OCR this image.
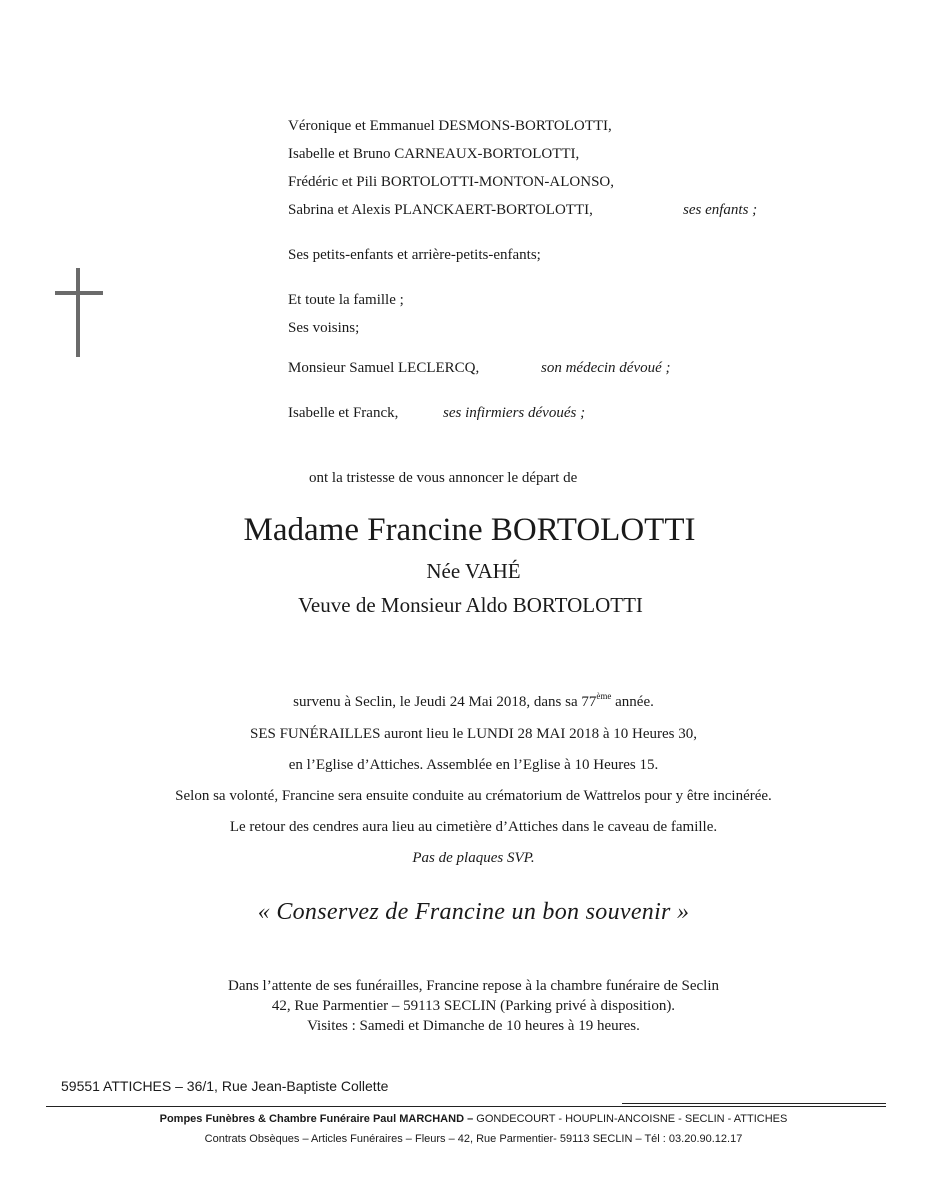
Véronique et Emmanuel DESMONS-BORTOLOTTI,
Isabelle et Bruno CARNEAUX-BORTOLOTTI,
Frédéric et Pili BORTOLOTTI-MONTON-ALONSO,
Sabrina et Alexis PLANCKAERT-BORTOLOTTI,	ses enfants ;
Ses petits-enfants et arrière-petits-enfants;
Et toute la famille ;
Ses voisins;
Monsieur Samuel LECLERCQ,	son médecin dévoué ;
Isabelle et Franck,	ses infirmiers dévoués ;
ont la tristesse de vous annoncer le départ de
Madame Francine BORTOLOTTI
Née VAHÉ
Veuve de Monsieur Aldo BORTOLOTTI
survenu à Seclin, le Jeudi 24 Mai 2018, dans sa 77ème année.
SES FUNÉRAILLES auront lieu le LUNDI 28 MAI 2018 à 10 Heures 30,
en l’Eglise d’Attiches. Assemblée en l’Eglise à 10 Heures 15.
Selon sa volonté, Francine sera ensuite conduite au crématorium de Wattrelos pour y être incinérée.
Le retour des cendres aura lieu au cimetière d’Attiches dans le caveau de famille.
Pas de plaques SVP.
« Conservez de Francine un bon souvenir »
Dans l’attente de ses funérailles, Francine repose à la chambre funéraire de Seclin
42, Rue Parmentier – 59113 SECLIN (Parking privé à disposition).
Visites : Samedi et Dimanche de 10 heures à 19 heures.
59551 ATTICHES – 36/1, Rue Jean-Baptiste Collette
Pompes Funèbres & Chambre Funéraire Paul MARCHAND – GONDECOURT - HOUPLIN-ANCOISNE - SECLIN - ATTICHES
Contrats Obsèques – Articles Funéraires – Fleurs – 42, Rue Parmentier- 59113 SECLIN – Tél : 03.20.90.12.17
